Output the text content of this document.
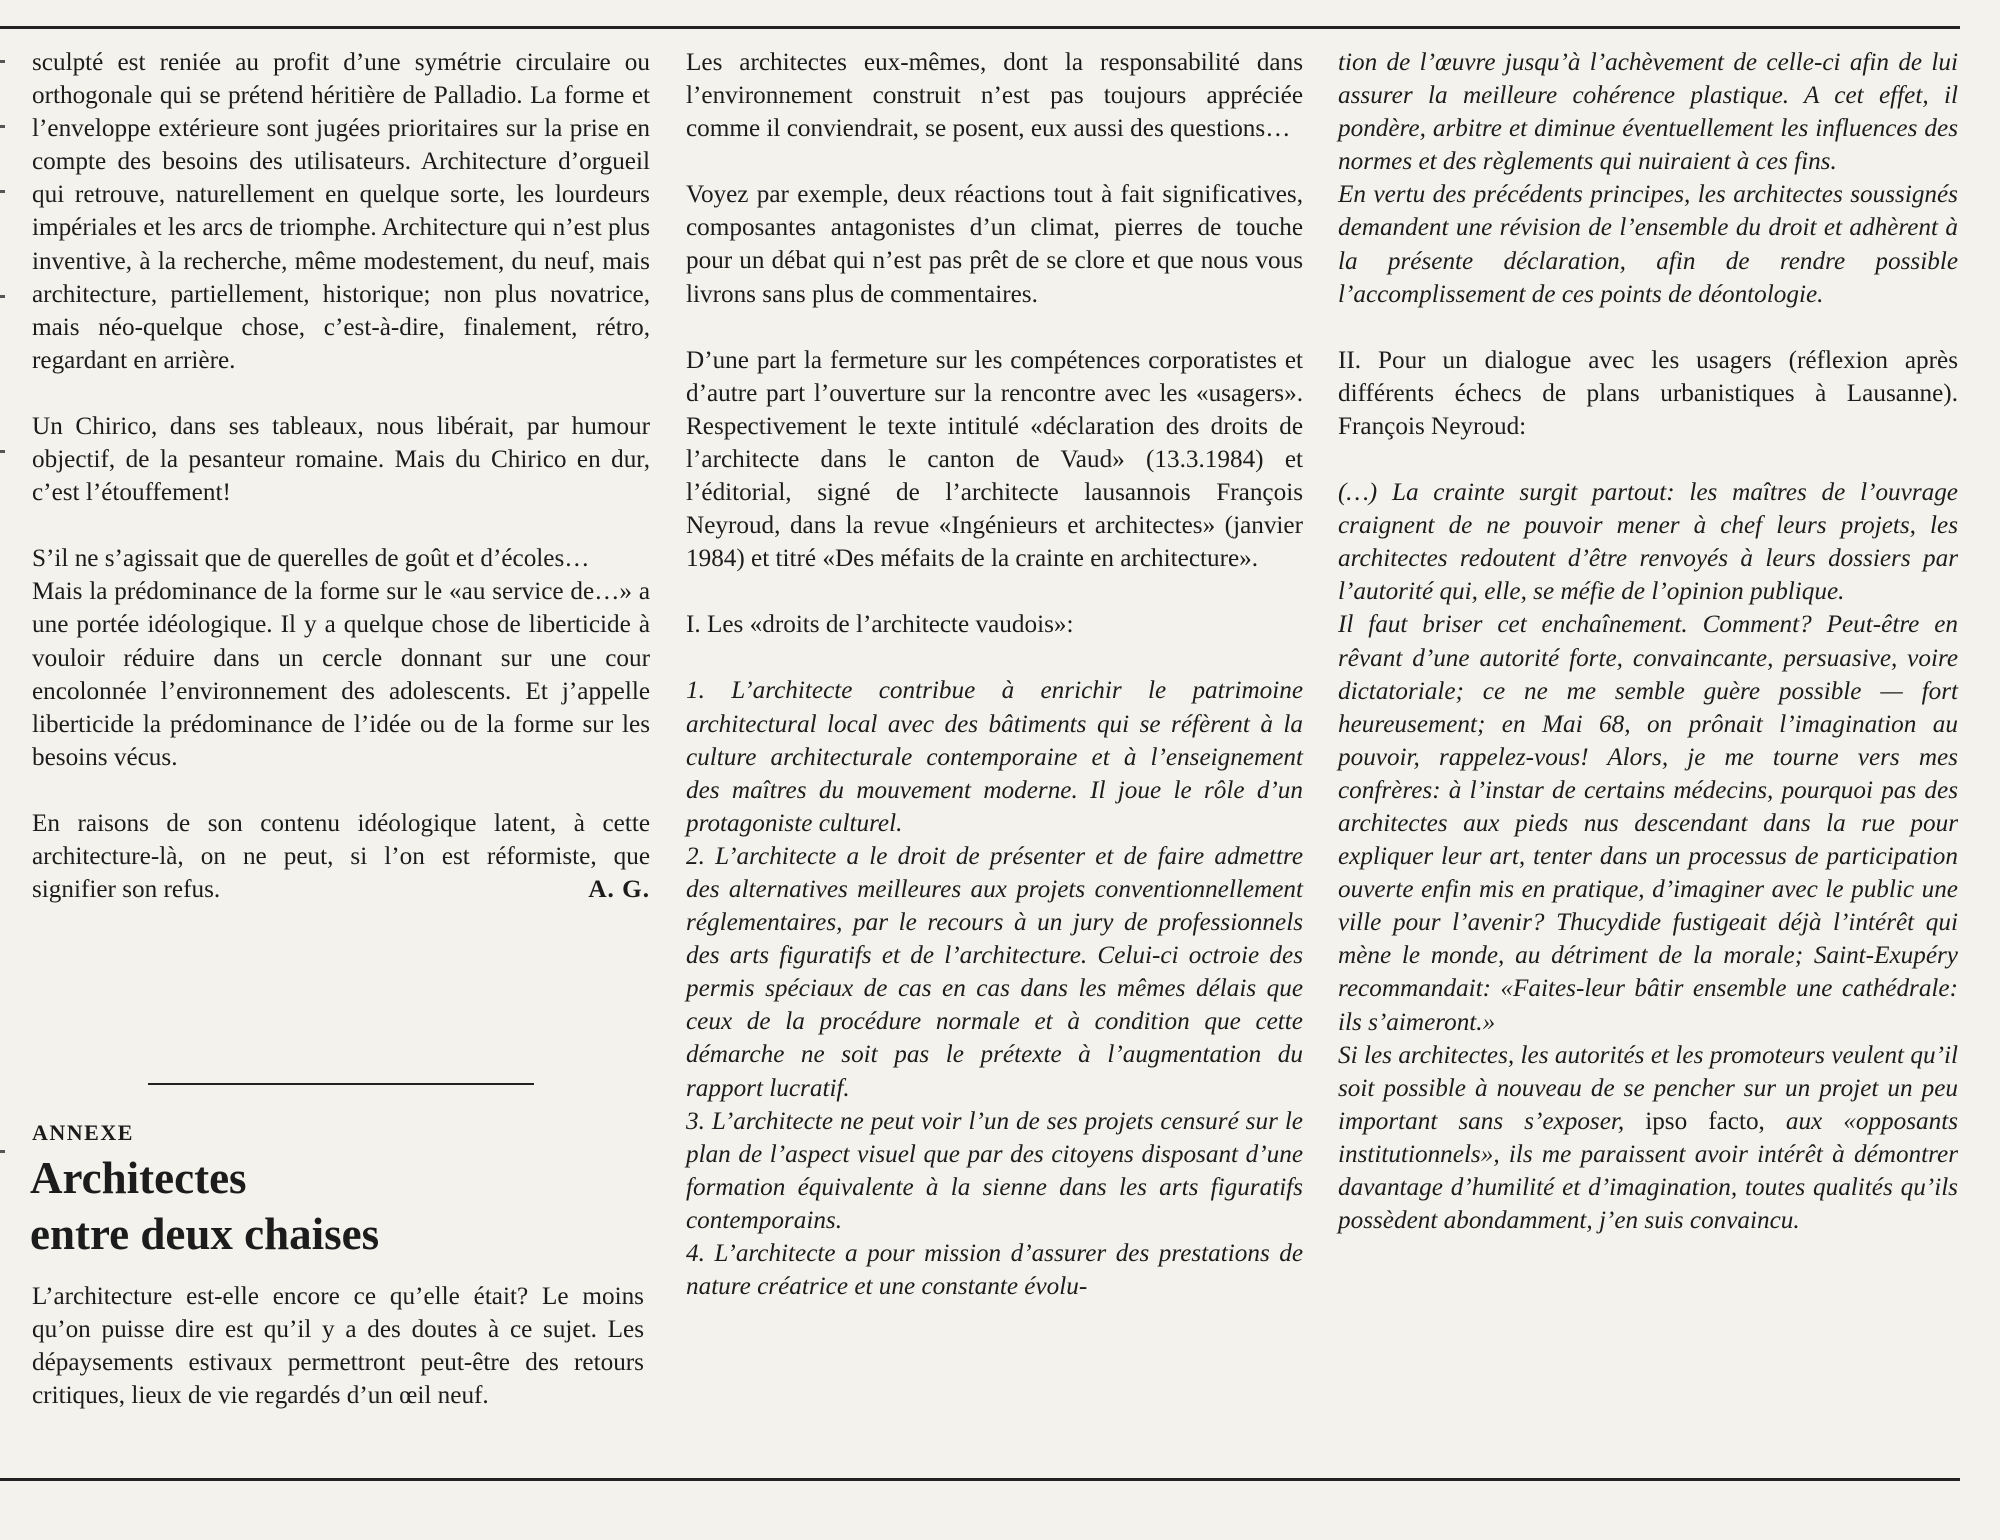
sculpté est reniée au profit d’une symétrie circulaire ou orthogonale qui se prétend héritière de Palladio. La forme et l’enveloppe extérieure sont jugées prioritaires sur la prise en compte des besoins des utilisateurs. Architecture d’orgueil qui retrouve, naturellement en quelque sorte, les lourdeurs impériales et les arcs de triomphe. Architecture qui n’est plus inventive, à la recherche, même modestement, du neuf, mais architecture, partiellement, historique; non plus novatrice, mais néo-quelque chose, c’est-à-dire, finalement, rétro, regardant en arrière.

Un Chirico, dans ses tableaux, nous libérait, par humour objectif, de la pesanteur romaine. Mais du Chirico en dur, c’est l’étouffement!

S’il ne s’agissait que de querelles de goût et d’écoles…

Mais la prédominance de la forme sur le «au service de…» a une portée idéologique. Il y a quelque chose de liberticide à vouloir réduire dans un cercle donnant sur une cour encolonnée l’environnement des adolescents. Et j’appelle liberticide la prédominance de l’idée ou de la forme sur les besoins vécus.

En raisons de son contenu idéologique latent, à cette architecture-là, on ne peut, si l’on est réformiste, que signifier son refus.	A. G.

ANNEXE
Architectes
entre deux chaises

L’architecture est-elle encore ce qu’elle était? Le moins qu’on puisse dire est qu’il y a des doutes à ce sujet. Les dépaysements estivaux permettront peut-être des retours critiques, lieux de vie regardés d’un œil neuf.

Les architectes eux-mêmes, dont la responsabilité dans l’environnement construit n’est pas toujours appréciée comme il conviendrait, se posent, eux aussi des questions…

Voyez par exemple, deux réactions tout à fait significatives, composantes antagonistes d’un climat, pierres de touche pour un débat qui n’est pas prêt de se clore et que nous vous livrons sans plus de commentaires.

D’une part la fermeture sur les compétences corporatistes et d’autre part l’ouverture sur la rencontre avec les «usagers». Respectivement le texte intitulé «déclaration des droits de l’architecte dans le canton de Vaud» (13.3.1984) et l’éditorial, signé de l’architecte lausannois François Neyroud, dans la revue «Ingénieurs et architectes» (janvier 1984) et titré «Des méfaits de la crainte en architecture».

I. Les «droits de l’architecte vaudois»:

1. L’architecte contribue à enrichir le patrimoine architectural local avec des bâtiments qui se réfèrent à la culture architecturale contemporaine et à l’enseignement des maîtres du mouvement moderne. Il joue le rôle d’un protagoniste culturel.

2. L’architecte a le droit de présenter et de faire admettre des alternatives meilleures aux projets conventionnellement réglementaires, par le recours à un jury de professionnels des arts figuratifs et de l’architecture. Celui-ci octroie des permis spéciaux de cas en cas dans les mêmes délais que ceux de la procédure normale et à condition que cette démarche ne soit pas le prétexte à l’augmentation du rapport lucratif.

3. L’architecte ne peut voir l’un de ses projets censuré sur le plan de l’aspect visuel que par des citoyens disposant d’une formation équivalente à la sienne dans les arts figuratifs contemporains.

4. L’architecte a pour mission d’assurer des prestations de nature créatrice et une constante évolu-

tion de l’œuvre jusqu’à l’achèvement de celle-ci afin de lui assurer la meilleure cohérence plastique. A cet effet, il pondère, arbitre et diminue éventuellement les influences des normes et des règlements qui nuiraient à ces fins.

En vertu des précédents principes, les architectes soussignés demandent une révision de l’ensemble du droit et adhèrent à la présente déclaration, afin de rendre possible l’accomplissement de ces points de déontologie.

II. Pour un dialogue avec les usagers (réflexion après différents échecs de plans urbanistiques à Lausanne). François Neyroud:

(…) La crainte surgit partout: les maîtres de l’ouvrage craignent de ne pouvoir mener à chef leurs projets, les architectes redoutent d’être renvoyés à leurs dossiers par l’autorité qui, elle, se méfie de l’opinion publique.

Il faut briser cet enchaînement. Comment? Peut-être en rêvant d’une autorité forte, convaincante, persuasive, voire dictatoriale; ce ne me semble guère possible — fort heureusement; en Mai 68, on prônait l’imagination au pouvoir, rappelez-vous! Alors, je me tourne vers mes confrères: à l’instar de certains médecins, pourquoi pas des architectes aux pieds nus descendant dans la rue pour expliquer leur art, tenter dans un processus de participation ouverte enfin mis en pratique, d’imaginer avec le public une ville pour l’avenir? Thucydide fustigeait déjà l’intérêt qui mène le monde, au détriment de la morale; Saint-Exupéry recommandait: «Faites-leur bâtir ensemble une cathédrale: ils s’aimeront.»

Si les architectes, les autorités et les promoteurs veulent qu’il soit possible à nouveau de se pencher sur un projet un peu important sans s’exposer, ipso facto, aux «opposants institutionnels», ils me paraissent avoir intérêt à démontrer davantage d’humilité et d’imagination, toutes qualités qu’ils possèdent abondamment, j’en suis convaincu.
